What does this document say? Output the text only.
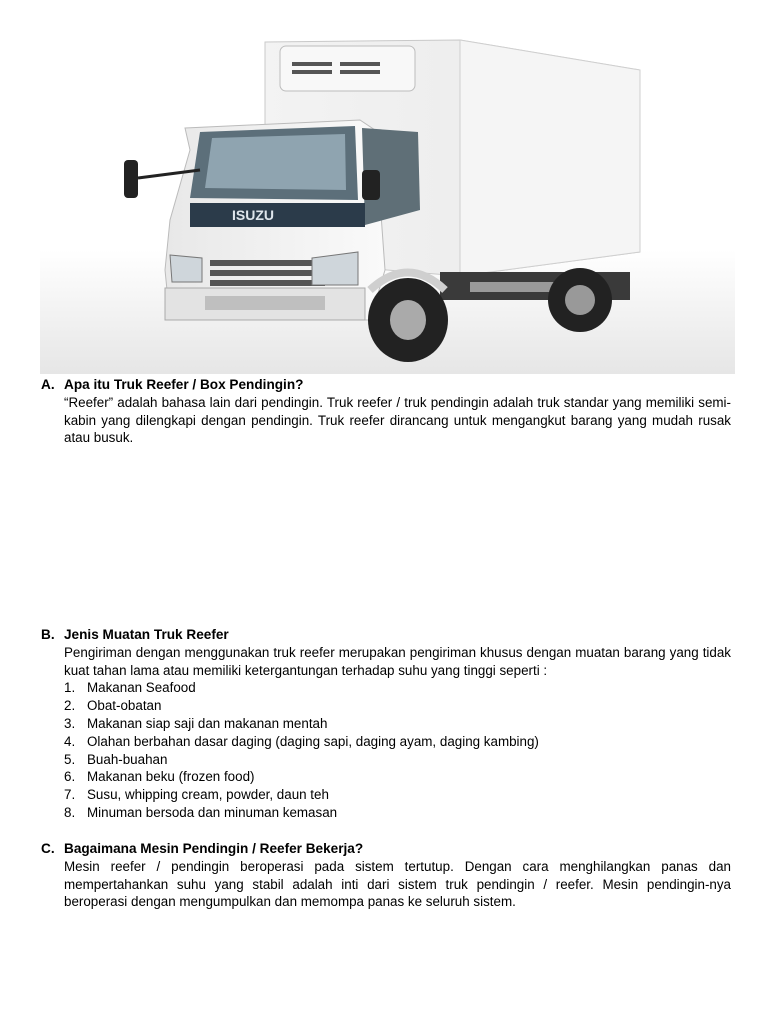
ISUZU
A. Apa itu Truk Reefer / Box Pendingin?
“Reefer” adalah bahasa lain dari pendingin. Truk reefer / truk pendingin adalah truk standar yang memiliki semi-kabin yang dilengkapi dengan pendingin. Truk reefer dirancang untuk mengangkut barang yang mudah rusak atau busuk.
B. Jenis Muatan Truk Reefer
Pengiriman dengan menggunakan truk reefer merupakan pengiriman khusus dengan muatan barang yang tidak kuat tahan lama atau memiliki ketergantungan terhadap suhu yang tinggi seperti :
1. Makanan Seafood
2. Obat-obatan
3. Makanan siap saji dan makanan mentah
4. Olahan berbahan dasar daging (daging sapi, daging ayam, daging kambing)
5. Buah-buahan
6. Makanan beku (frozen food)
7. Susu, whipping cream, powder, daun teh
8. Minuman bersoda dan minuman kemasan
C. Bagaimana Mesin Pendingin / Reefer Bekerja?
Mesin reefer / pendingin beroperasi pada sistem tertutup. Dengan cara menghilangkan panas dan mempertahankan suhu yang stabil adalah inti dari sistem truk pendingin / reefer. Mesin pendingin-nya beroperasi dengan mengumpulkan dan memompa panas ke seluruh sistem.
